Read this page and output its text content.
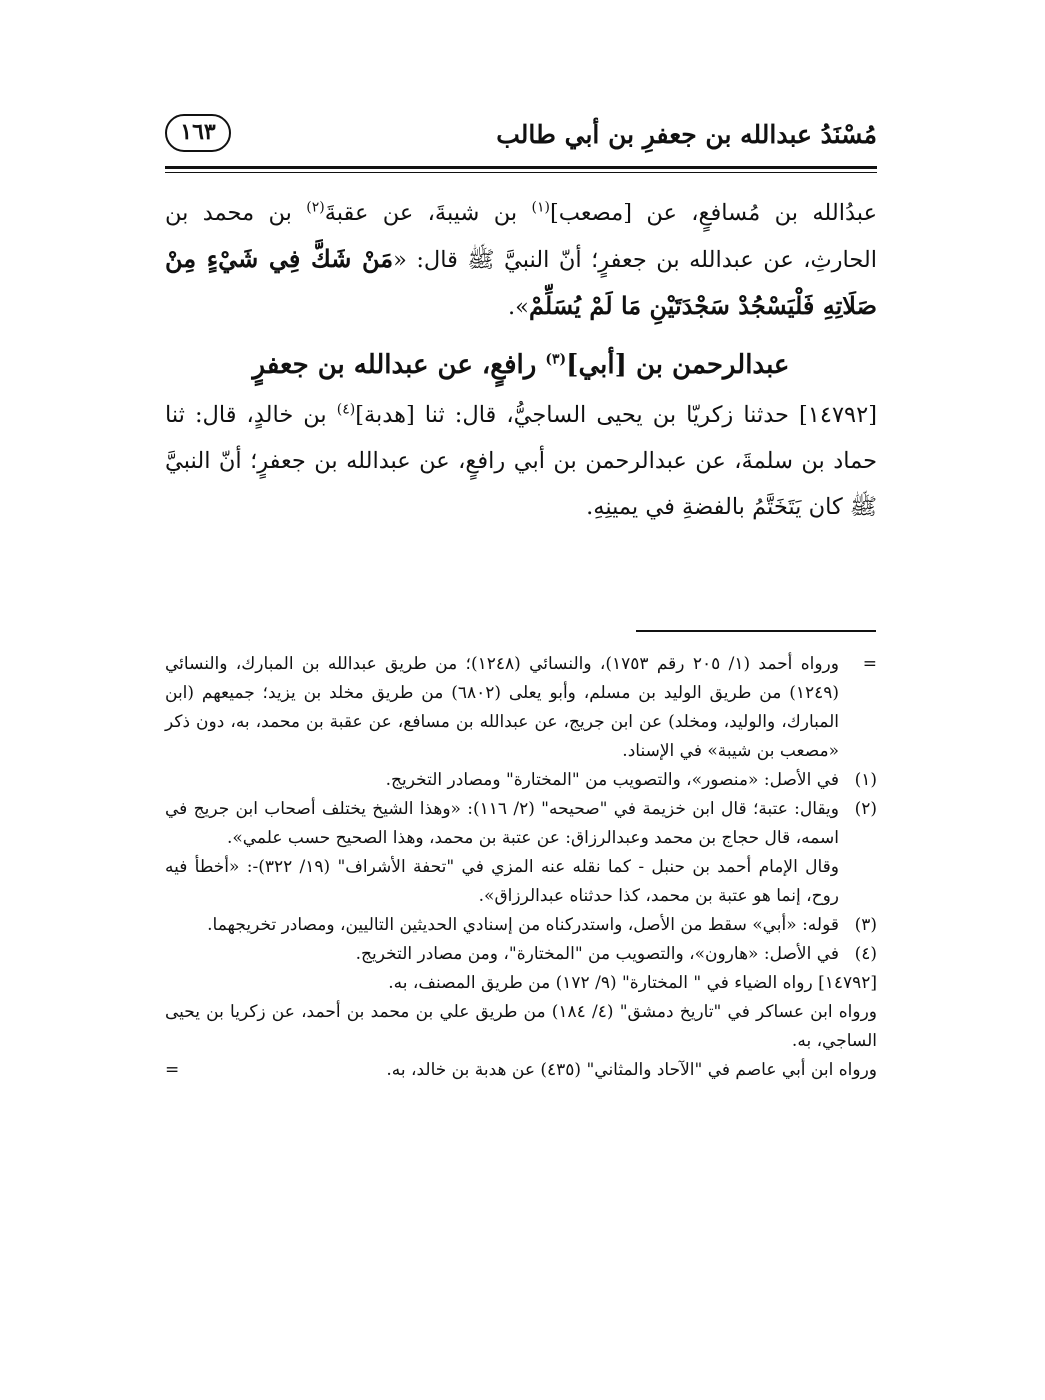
مُسْنَدُ عبدالله بن جعفرِ بن أبي طالب
١٦٣

عبدُالله بن مُسافعٍ، عن [مصعب]$^{(١)}$ بن شيبةَ، عن عقبةَ$^{(٢)}$ بن محمد بن الحارثِ، عن عبدالله بن جعفرٍ؛ أنّ النبيَّ ﷺ قال: «مَنْ شَكَّ فِي شَيْءٍ مِنْ صَلَاتِهِ فَلْيَسْجُدْ سَجْدَتَيْنِ مَا لَمْ يُسَلِّمْ».

عبدالرحمن بن [أبي]$^{(٣)}$ رافعٍ، عن عبدالله بن جعفرٍ

[١٤٧٩٢] حدثنا زكريّا بن يحيى الساجيُّ، قال: ثنا [هدبة]$^{(٤)}$ بن خالدٍ، قال: ثنا حماد بن سلمةَ، عن عبدالرحمن بن أبي رافعٍ، عن عبدالله بن جعفرٍ؛ أنّ النبيَّ ﷺ كان يَتَخَتَّمُ بالفضةِ في يمينِهِ.

=
ورواه أحمد (١/ ٢٠٥ رقم ١٧٥٣)، والنسائي (١٢٤٨)؛ من طريق عبدالله بن المبارك، والنسائي (١٢٤٩) من طريق الوليد بن مسلم، وأبو يعلى (٦٨٠٢) من طريق مخلد بن يزيد؛ جميعهم (ابن المبارك، والوليد، ومخلد) عن ابن جريج، عن عبدالله بن مسافع، عن عقبة بن محمد، به، دون ذكر «مصعب بن شيبة» في الإسناد.
(١)
في الأصل: «منصور»، والتصويب من "المختارة" ومصادر التخريج.
(٢)
ويقال: عتبة؛ قال ابن خزيمة في "صحيحه" (٢/ ١١٦): «وهذا الشيخ يختلف أصحاب ابن جريج في اسمه، قال حجاج بن محمد وعبدالرزاق: عن عتبة بن محمد، وهذا الصحيح حسب علمي».
وقال الإمام أحمد بن حنبل - كما نقله عنه المزي في "تحفة الأشراف" (١٩/ ٣٢٢)-: «أخطأ فيه روح، إنما هو عتبة بن محمد، كذا حدثناه عبدالرزاق».
(٣)
قوله: «أبي» سقط من الأصل، واستدركناه من إسنادي الحديثين التاليين، ومصادر تخريجهما.
(٤)
في الأصل: «هارون»، والتصويب من "المختارة"، ومن مصادر التخريج.
[١٤٧٩٢] رواه الضياء في " المختارة" (٩/ ١٧٢) من طريق المصنف، به.
ورواه ابن عساكر في "تاريخ دمشق" (٤/ ١٨٤) من طريق علي بن محمد بن أحمد، عن زكريا بن يحيى الساجي، به.
ورواه ابن أبي عاصم في "الآحاد والمثاني" (٤٣٥) عن هدبة بن خالد، به.
=
